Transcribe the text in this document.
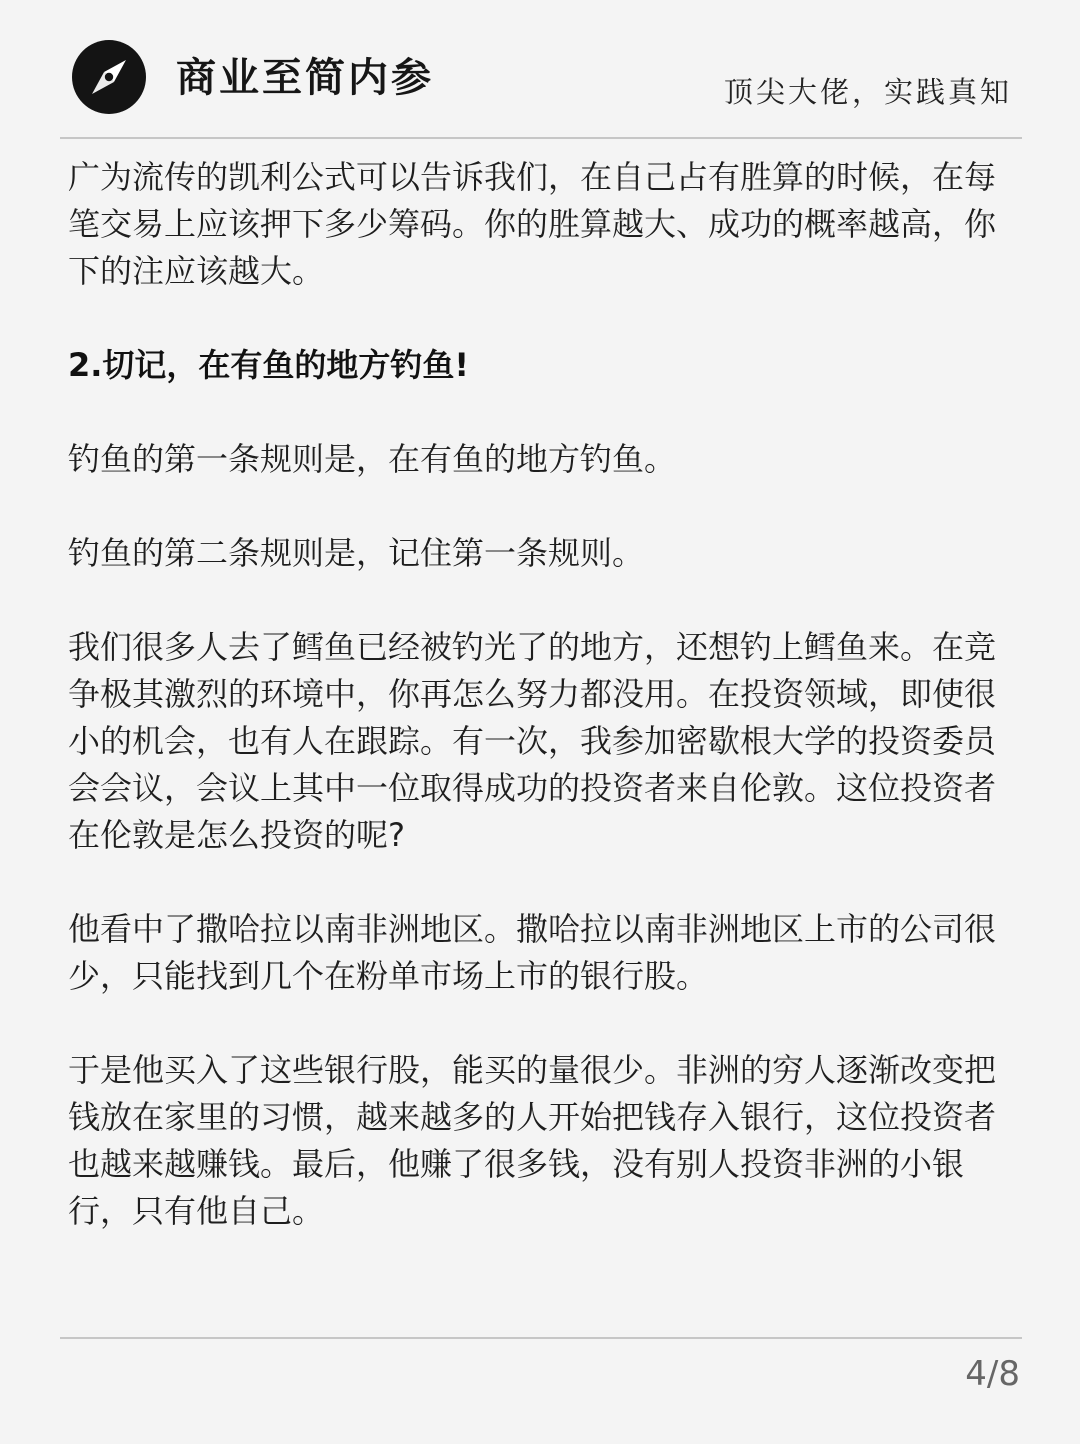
商业至简内参	顶尖大佬，实践真知

广为流传的凯利公式可以告诉我们，在自己占有胜算的时候，在每笔交易上应该押下多少筹码。你的胜算越大、成功的概率越高，你下的注应该越大。

2.切记，在有鱼的地方钓鱼!

钓鱼的第一条规则是，在有鱼的地方钓鱼。

钓鱼的第二条规则是，记住第一条规则。

我们很多人去了鳕鱼已经被钓光了的地方，还想钓上鳕鱼来。在竞争极其激烈的环境中，你再怎么努力都没用。在投资领域，即使很小的机会，也有人在跟踪。有一次，我参加密歇根大学的投资委员会会议，会议上其中一位取得成功的投资者来自伦敦。这位投资者在伦敦是怎么投资的呢?

他看中了撒哈拉以南非洲地区。撒哈拉以南非洲地区上市的公司很少，只能找到几个在粉单市场上市的银行股。

于是他买入了这些银行股，能买的量很少。非洲的穷人逐渐改变把钱放在家里的习惯，越来越多的人开始把钱存入银行，这位投资者也越来越赚钱。最后，他赚了很多钱，没有别人投资非洲的小银行，只有他自己。

4/8
